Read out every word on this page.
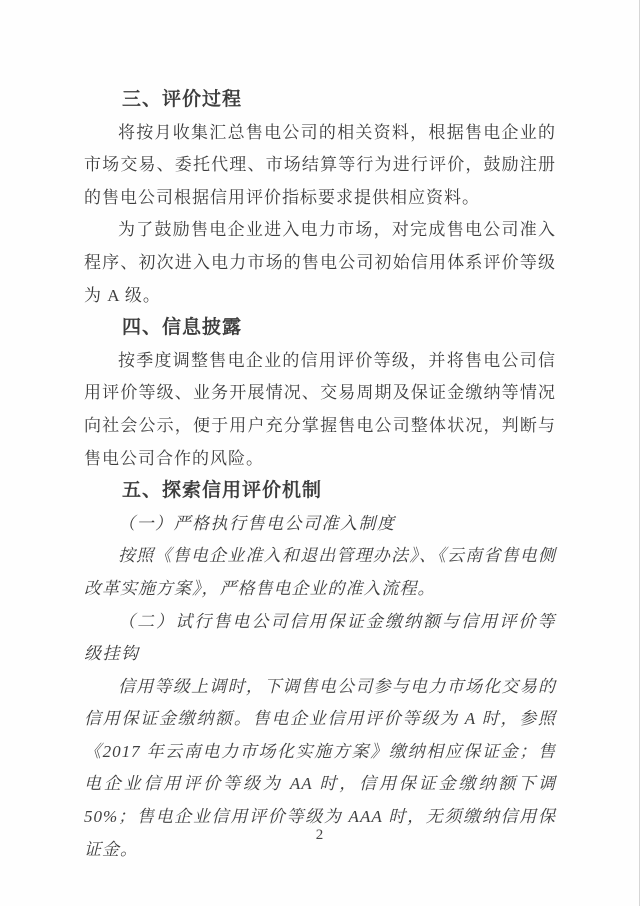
三、评价过程
将按月收集汇总售电公司的相关资料，根据售电企业的市场交易、委托代理、市场结算等行为进行评价，鼓励注册的售电公司根据信用评价指标要求提供相应资料。
为了鼓励售电企业进入电力市场，对完成售电公司准入程序、初次进入电力市场的售电公司初始信用体系评价等级为 A 级。
四、信息披露
按季度调整售电企业的信用评价等级，并将售电公司信用评价等级、业务开展情况、交易周期及保证金缴纳等情况向社会公示，便于用户充分掌握售电公司整体状况，判断与售电公司合作的风险。
五、探索信用评价机制
（一）严格执行售电公司准入制度
按照《售电企业准入和退出管理办法》、《云南省售电侧改革实施方案》，严格售电企业的准入流程。
（二）试行售电公司信用保证金缴纳额与信用评价等级挂钩
信用等级上调时，下调售电公司参与电力市场化交易的信用保证金缴纳额。售电企业信用评价等级为 A 时，参照《2017 年云南电力市场化实施方案》缴纳相应保证金；售电企业信用评价等级为 AA 时，信用保证金缴纳额下调 50%；售电企业信用评价等级为 AAA 时，无须缴纳信用保证金。
2
